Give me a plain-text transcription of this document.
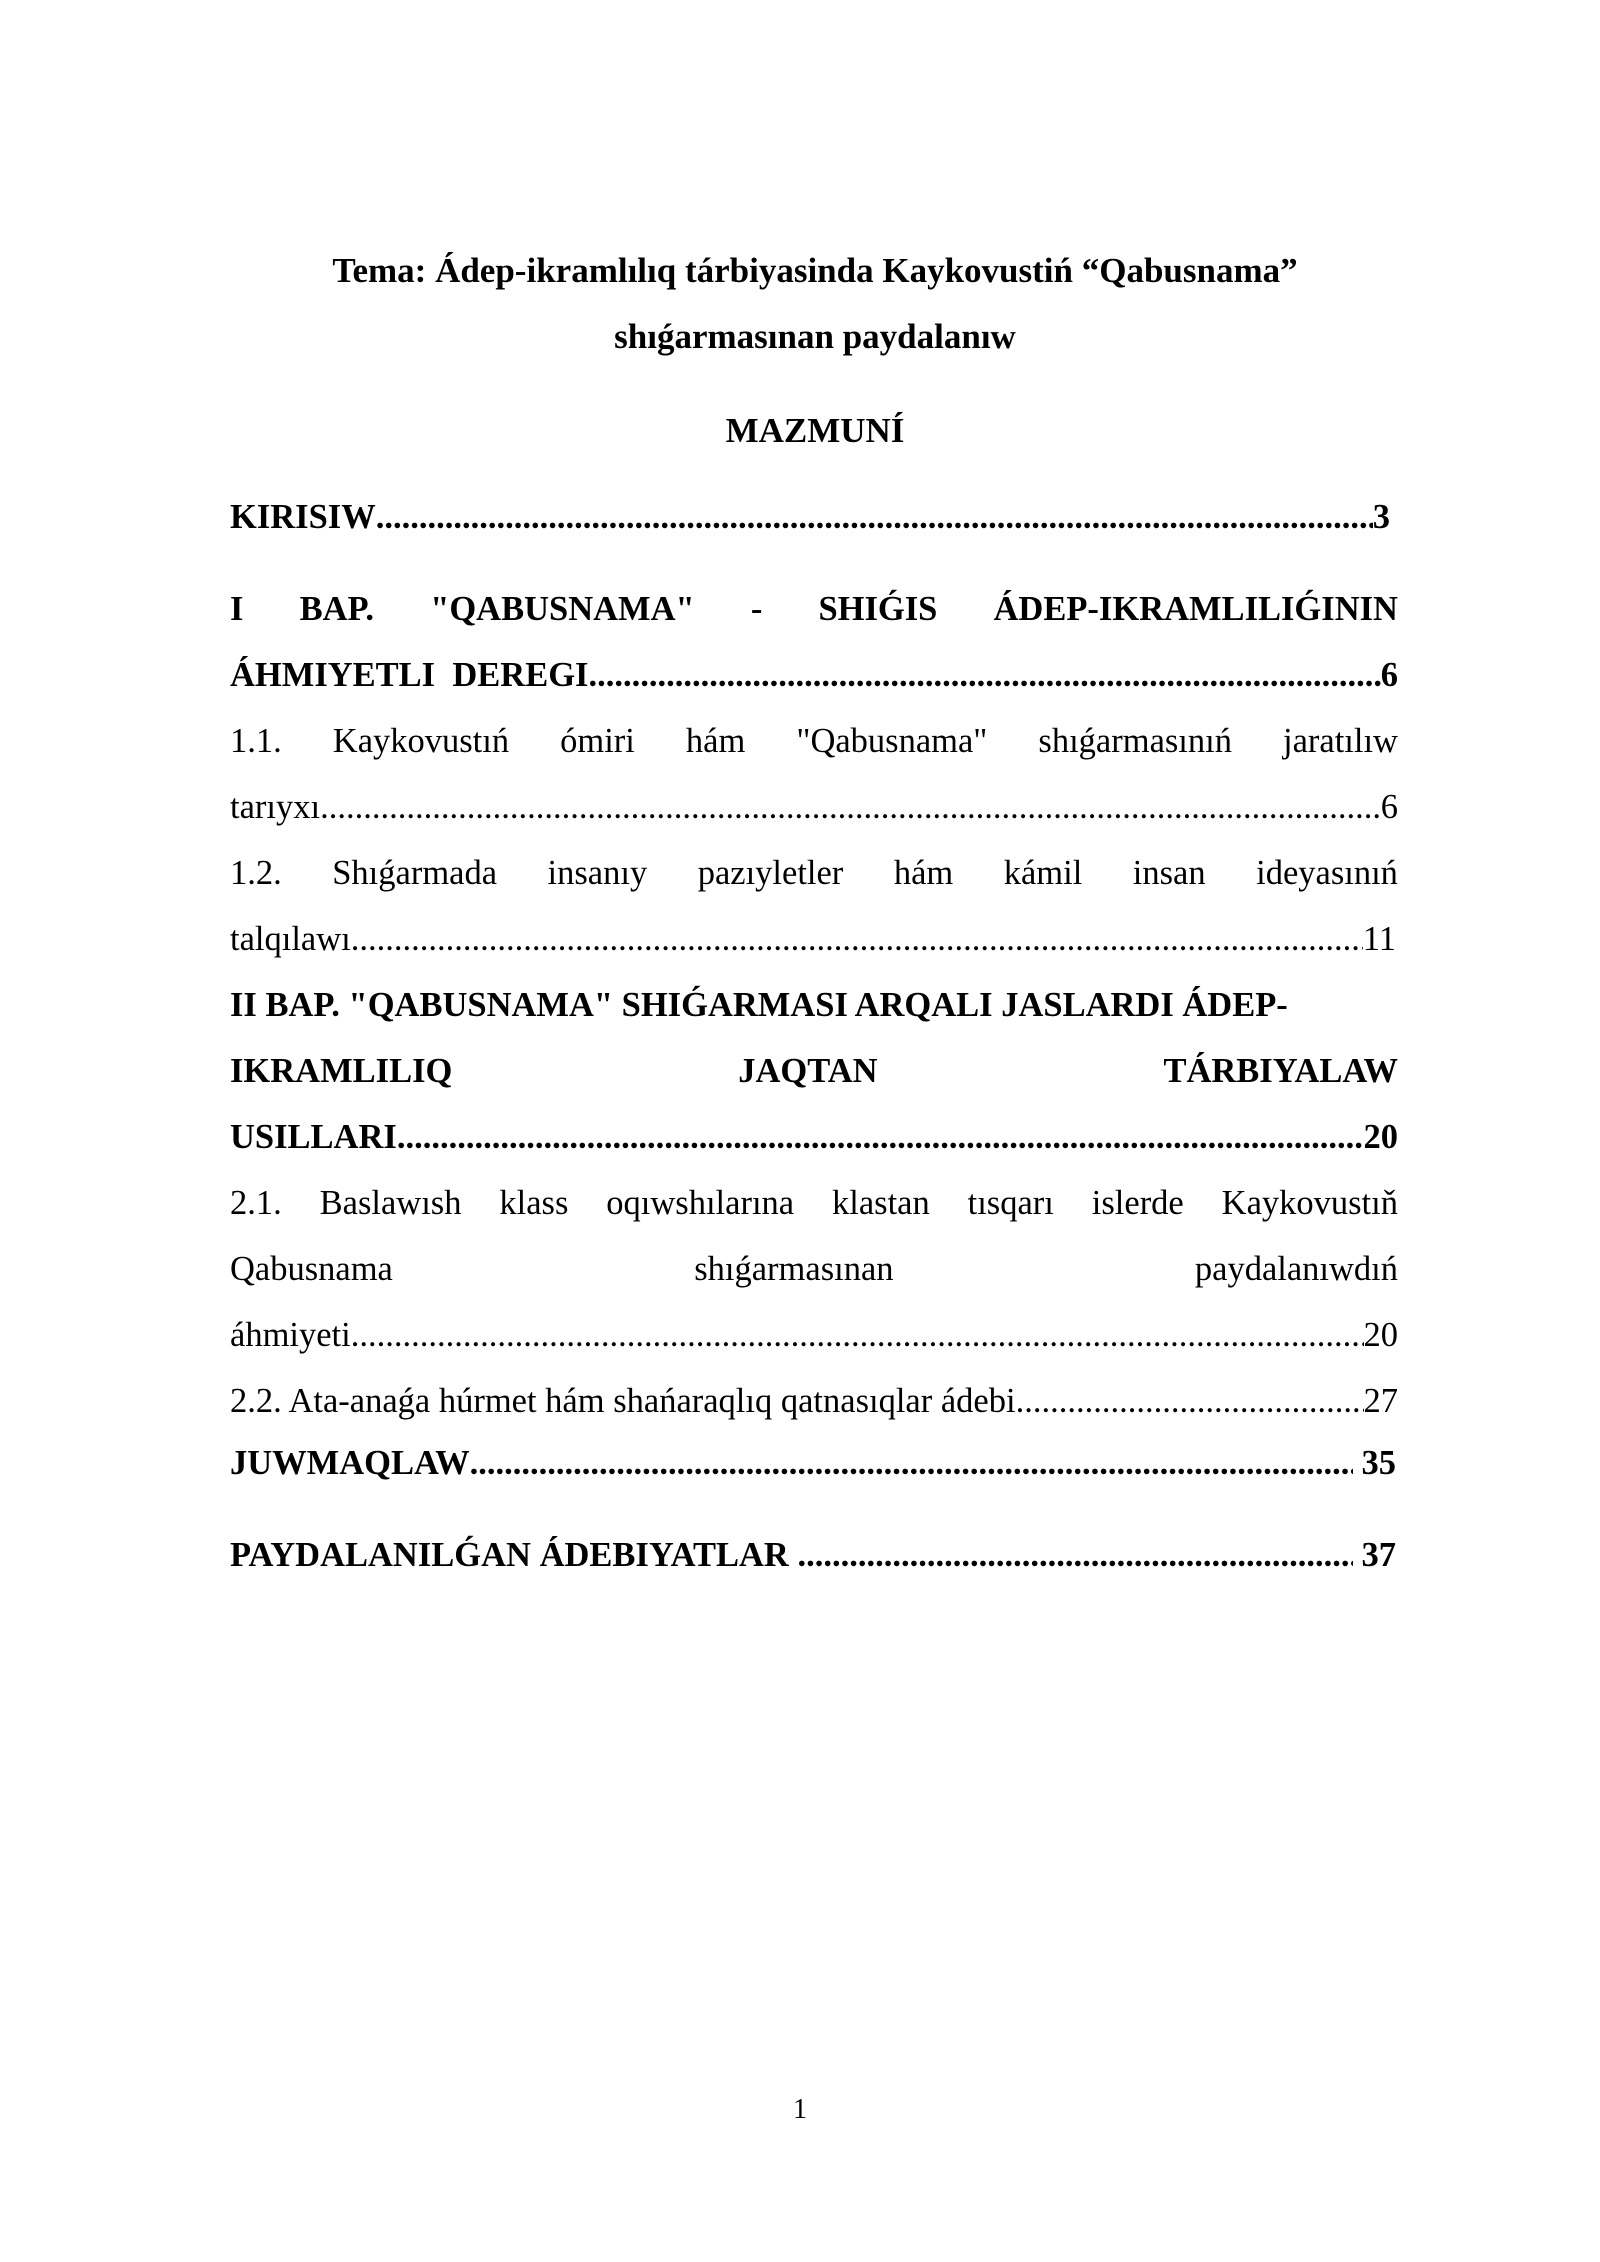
Tema: Ádep-ikramlılıq tárbiyasinda Kaykovustiń “Qabusnama”
shıǵarmasınan paydalanıw
MAZMUNÍ
KIRISIW .....	3
I BAP. "QABUSNAMA" - SHIǴIS ÁDEP-IKRAMLILIǴININ
ÁHMIYETLI  DEREGI .....	6
1.1. Kaykovustıń ómiri hám "Qabusnama" shıǵarmasınıń jaratılıw
tarıyxı .....	6
1.2. Shıǵarmada insanıy pazıyletler hám kámil insan ideyasınıń
talqılawı .....	11
II BAP. "QABUSNAMA" SHIǴARMASI ARQALI JASLARDI ÁDEP-
IKRAMLILIQ	JAQTAN	TÁRBIYALAW
USILLARI .....	20
2.1. Baslawısh klass oqıwshılarına klastan tısqarı islerde Kaykovustıň
Qabusnama	shıǵarmasınan	paydalanıwdıń
áhmiyeti .....	20
2.2. Ata-anaǵa húrmet hám shańaraqlıq qatnasıqlar ádebi .....	27
JUWMAQLAW .....	35
PAYDALANILǴAN ÁDEBIYATLAR .....	37
1
